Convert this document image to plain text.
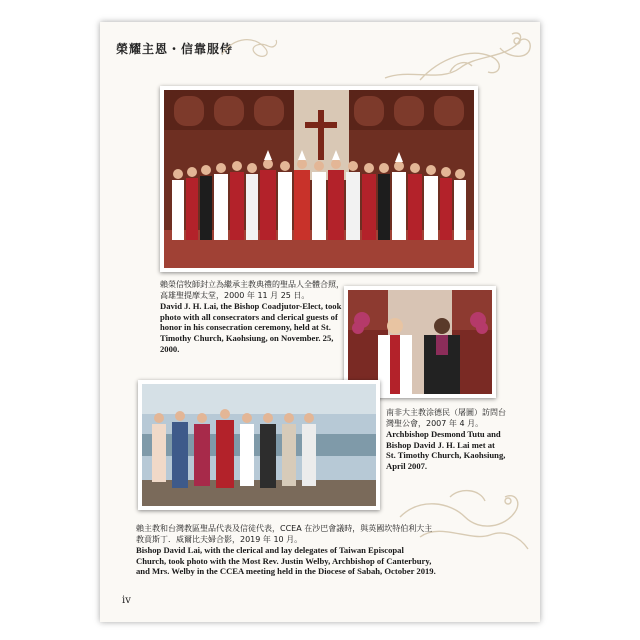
榮耀主恩・信靠服侍
賴榮信牧師封立為繼承主教典禮的聖品人全體合照，高雄聖提摩太堂，2000 年 11 月 25 日。
David J. H. Lai, the Bishop Coadjutor-Elect, took photo with all consecrators and clerical guests of honor in his consecration ceremony, held at St. Timothy Church, Kaohsiung, on November. 25, 2000.
南非大主教涂德民（屠圖）訪問台灣聖公會，2007 年 4 月。
Archbishop Desmond Tutu and Bishop David J. H. Lai met at St. Timothy Church, Kaohsiung, April 2007.
賴主教和台灣教區聖品代表及信徒代表，CCEA 在沙巴會議時，與英國坎特伯利大主教賁斯丁．威爾比夫婦合影，2019 年 10 月。
Bishop David Lai, with the clerical and lay delegates of Taiwan Episcopal Church, took photo with the Most Rev. Justin Welby, Archbishop of Canterbury, and Mrs. Welby in the CCEA meeting held in the Diocese of Sabah, October 2019.
iv
